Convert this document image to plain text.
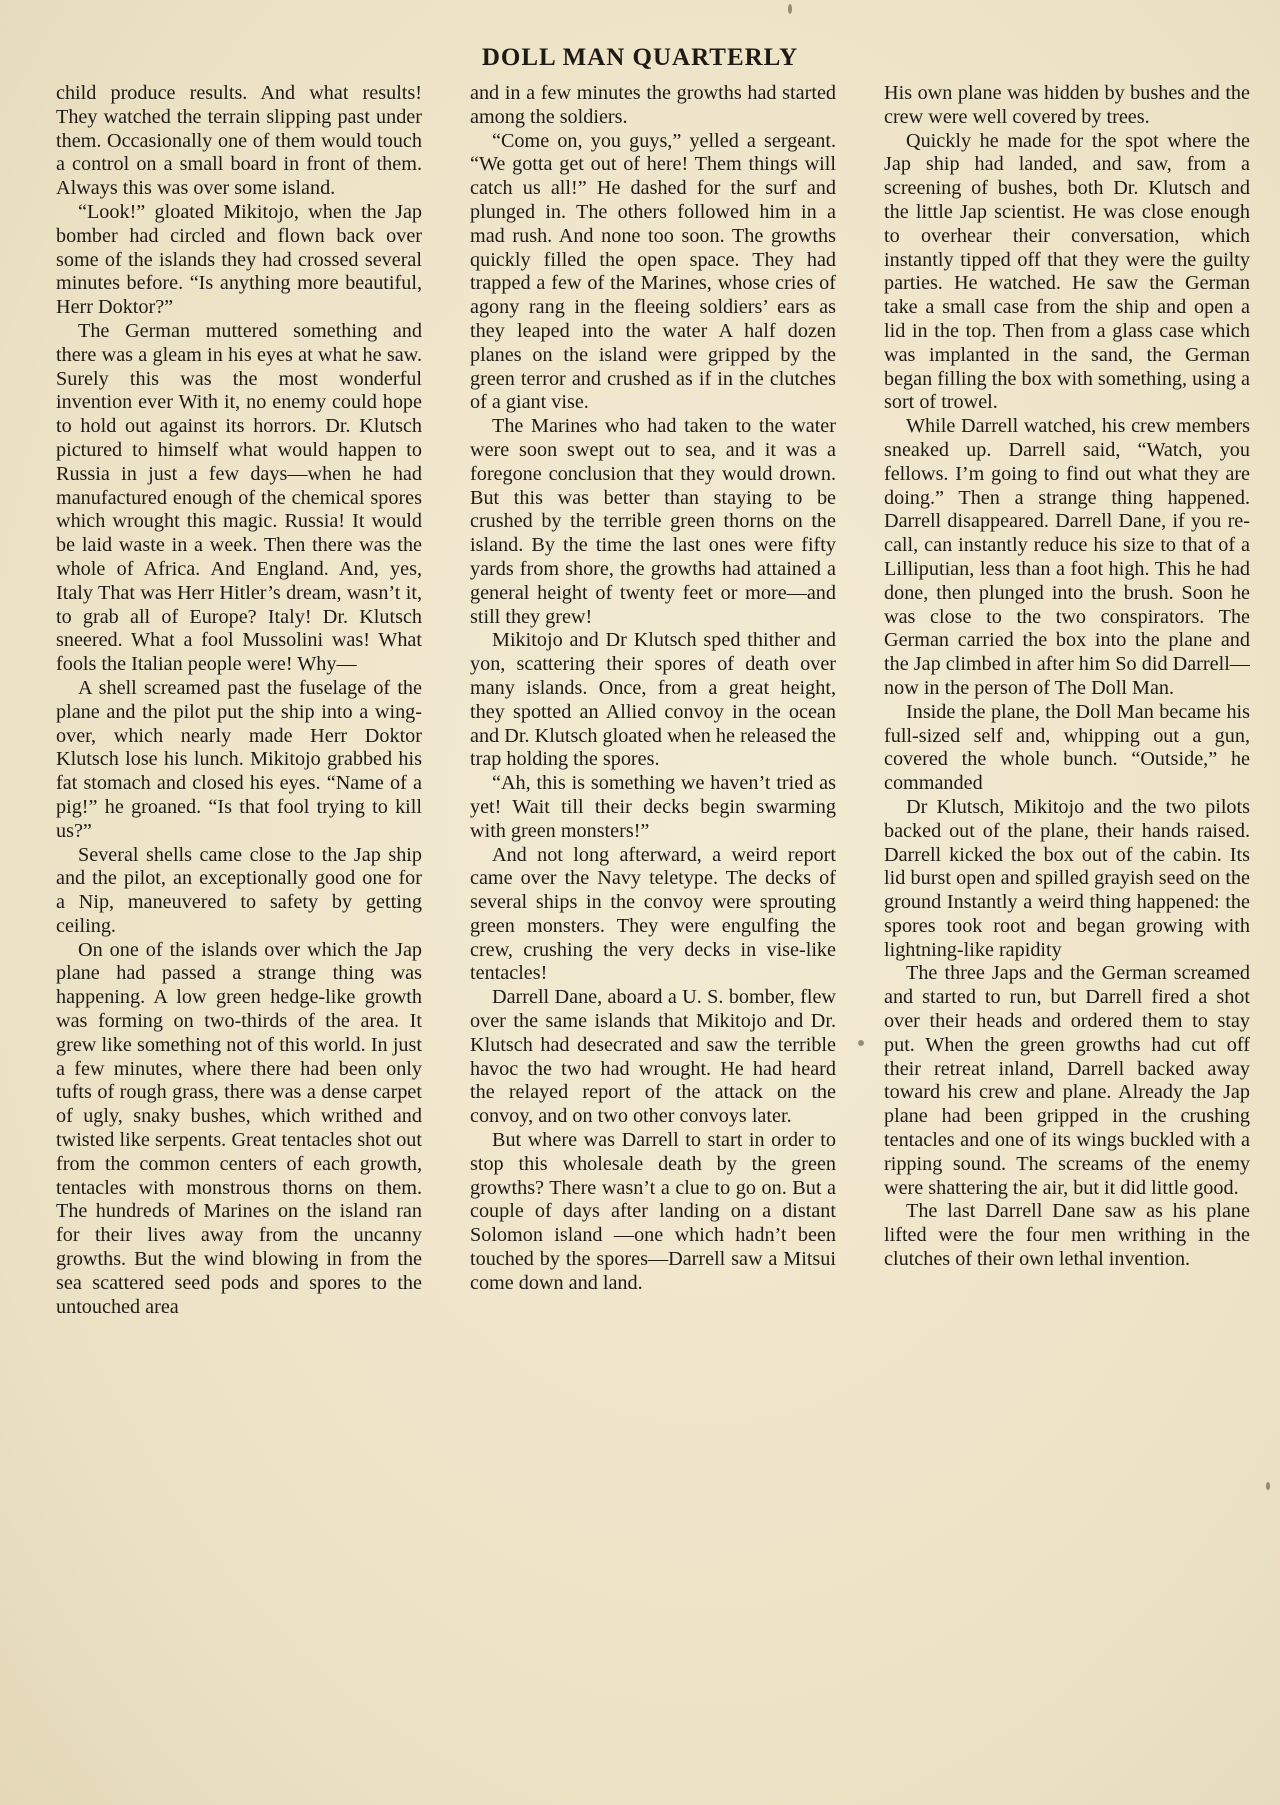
DOLL MAN QUARTERLY

child produce results. And what results! They watched the terrain slipping past under them. Occasionally one of them would touch a control on a small board in front of them. Always this was over some island.

“Look!” gloated Mikitojo, when the Jap bomber had circled and flown back over some of the islands they had crossed several minutes before. “Is anything more beautiful, Herr Doktor?”

The German muttered something and there was a gleam in his eyes at what he saw. Surely this was the most wonderful invention ever With it, no enemy could hope to hold out against its horrors. Dr. Klutsch pictured to himself what would happen to Russia in just a few days—when he had manufactured enough of the chemical spores which wrought this magic. Russia! It would be laid waste in a week. Then there was the whole of Africa. And England. And, yes, Italy That was Herr Hitler’s dream, wasn’t it, to grab all of Europe? Italy! Dr. Klutsch sneered. What a fool Mussolini was! What fools the Italian people were! Why—

A shell screamed past the fuselage of the plane and the pilot put the ship into a wingover, which nearly made Herr Doktor Klutsch lose his lunch. Mikitojo grabbed his fat stomach and closed his eyes. “Name of a pig!” he groaned. “Is that fool trying to kill us?”

Several shells came close to the Jap ship and the pilot, an exceptionally good one for a Nip, maneuvered to safety by getting ceiling.

On one of the islands over which the Jap plane had passed a strange thing was happening. A low green hedge-like growth was forming on two-thirds of the area. It grew like something not of this world. In just a few minutes, where there had been only tufts of rough grass, there was a dense carpet of ugly, snaky bushes, which writhed and twisted like serpents. Great tentacles shot out from the common centers of each growth, tentacles with monstrous thorns on them. The hundreds of Marines on the island ran for their lives away from the uncanny growths. But the wind blowing in from the sea scattered seed pods and spores to the untouched area

and in a few minutes the growths had started among the soldiers.

“Come on, you guys,” yelled a sergeant. “We gotta get out of here! Them things will catch us all!” He dashed for the surf and plunged in. The others followed him in a mad rush. And none too soon. The growths quickly filled the open space. They had trapped a few of the Marines, whose cries of agony rang in the fleeing soldiers’ ears as they leaped into the water A half dozen planes on the island were gripped by the green terror and crushed as if in the clutches of a giant vise.

The Marines who had taken to the water were soon swept out to sea, and it was a foregone conclusion that they would drown. But this was better than staying to be crushed by the terrible green thorns on the island. By the time the last ones were fifty yards from shore, the growths had attained a general height of twenty feet or more—and still they grew!

Mikitojo and Dr Klutsch sped thither and yon, scattering their spores of death over many islands. Once, from a great height, they spotted an Allied convoy in the ocean and Dr. Klutsch gloated when he released the trap holding the spores.

“Ah, this is something we haven’t tried as yet! Wait till their decks begin swarming with green monsters!”

And not long afterward, a weird report came over the Navy teletype. The decks of several ships in the convoy were sprouting green monsters. They were engulfing the crew, crushing the very decks in vise-like tentacles!

Darrell Dane, aboard a U. S. bomber, flew over the same islands that Mikitojo and Dr. Klutsch had desecrated and saw the terrible havoc the two had wrought. He had heard the relayed report of the attack on the convoy, and on two other convoys later.

But where was Darrell to start in order to stop this wholesale death by the green growths? There wasn’t a clue to go on. But a couple of days after landing on a distant Solomon island —one which hadn’t been touched by the spores—Darrell saw a Mitsui come down and land.

His own plane was hidden by bushes and the crew were well covered by trees.

Quickly he made for the spot where the Jap ship had landed, and saw, from a screening of bushes, both Dr. Klutsch and the little Jap scientist. He was close enough to overhear their conversation, which instantly tipped off that they were the guilty parties. He watched. He saw the German take a small case from the ship and open a lid in the top. Then from a glass case which was implanted in the sand, the German began filling the box with something, using a sort of trowel.

While Darrell watched, his crew members sneaked up. Darrell said, “Watch, you fellows. I’m going to find out what they are doing.” Then a strange thing happened. Darrell disappeared. Darrell Dane, if you recall, can instantly reduce his size to that of a Lilliputian, less than a foot high. This he had done, then plunged into the brush. Soon he was close to the two conspirators. The German carried the box into the plane and the Jap climbed in after him So did Darrell—now in the person of The Doll Man.

Inside the plane, the Doll Man became his full-sized self and, whipping out a gun, covered the whole bunch. “Outside,” he commanded

Dr Klutsch, Mikitojo and the two pilots backed out of the plane, their hands raised. Darrell kicked the box out of the cabin. Its lid burst open and spilled grayish seed on the ground Instantly a weird thing happened: the spores took root and began growing with lightning-like rapidity

The three Japs and the German screamed and started to run, but Darrell fired a shot over their heads and ordered them to stay put. When the green growths had cut off their retreat inland, Darrell backed away toward his crew and plane. Already the Jap plane had been gripped in the crushing tentacles and one of its wings buckled with a ripping sound. The screams of the enemy were shattering the air, but it did little good.

The last Darrell Dane saw as his plane lifted were the four men writhing in the clutches of their own lethal invention.
